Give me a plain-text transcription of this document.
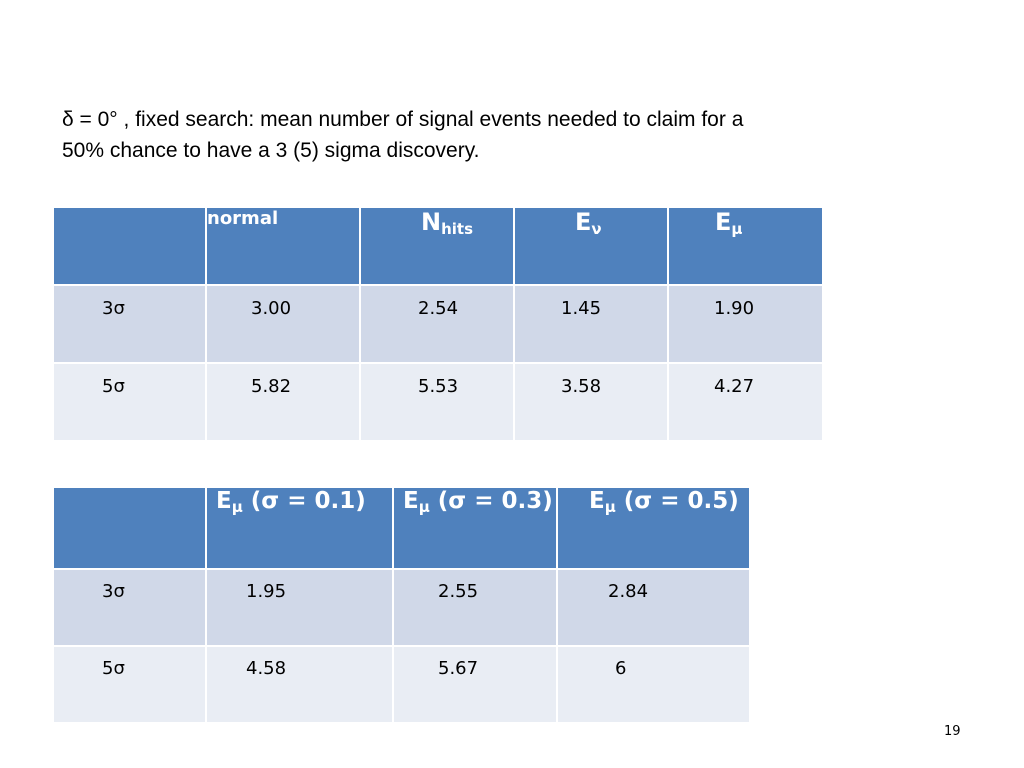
δ = 0° , fixed search: mean number of signal events needed to claim for a
50% chance to have a 3 (5) sigma discovery.
	normal	$N_{hits}$	$E_\nu$	$E_\mu$

3σ	3.00	2.54	1.45	1.90

5σ	5.82	5.53	3.58	4.27
	$E_\mu$ (σ = 0.1)	$E_\mu$ (σ = 0.3)	$E_\mu$ (σ = 0.5)

3σ	1.95	2.55	2.84

5σ	4.58	5.67	6
19
